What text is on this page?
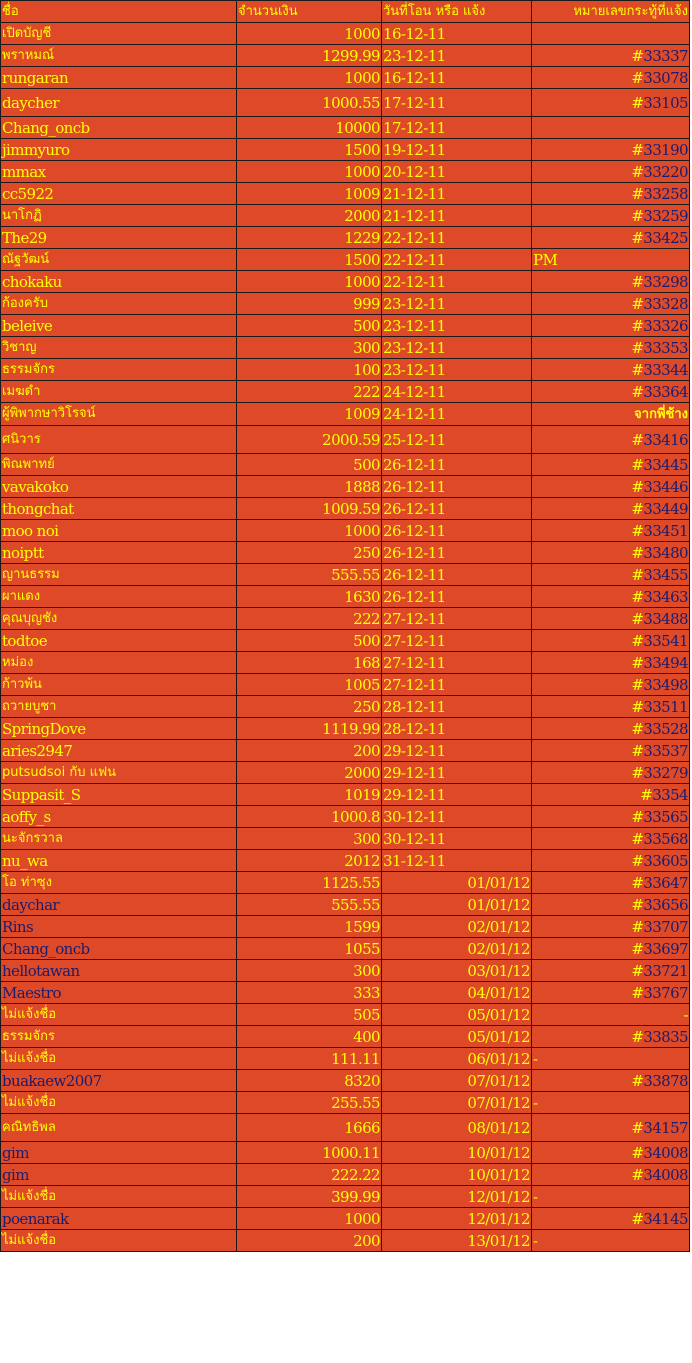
ชื่อ	จำนวนเงิน	วันที่โอน หรือ แจ้ง	หมายเลขกระทู้ที่แจ้ง
เปิดบัญชี	1000	16-12-11	
พราหมณ์	1299.99	23-12-11	#33337
rungaran	1000	16-12-11	#33078
daycher	1000.55	17-12-11	#33105
Chang_oncb	10000	17-12-11	
jimmyuro	1500	19-12-11	#33190
mmax	1000	20-12-11	#33220
cc5922	1009	21-12-11	#33258
นาโกฏิ	2000	21-12-11	#33259
The29	1229	22-12-11	#33425
ณัฐวัฒน์	1500	22-12-11	PM
chokaku	1000	22-12-11	#33298
ก้องครับ	999	23-12-11	#33328
beleive	500	23-12-11	#33326
วิชาญ	300	23-12-11	#33353
ธรรมจักร	100	23-12-11	#33344
เมฆดำ	222	24-12-11	#33364
ผู้พิพากษาวิโรจน์	1009	24-12-11	จากพี่ช้าง
ศนิวาร	2000.59	25-12-11	#33416
พิณพาทย์	500	26-12-11	#33445
vavakoko	1888	26-12-11	#33446
thongchat	1009.59	26-12-11	#33449
moo noi	1000	26-12-11	#33451
noiptt	250	26-12-11	#33480
ญานธรรม	555.55	26-12-11	#33455
ผาแดง	1630	26-12-11	#33463
คุณบุญชัง	222	27-12-11	#33488
todtoe	500	27-12-11	#33541
หม่อง	168	27-12-11	#33494
ก้าวพ้น	1005	27-12-11	#33498
ถวายบูชา	250	28-12-11	#33511
SpringDove	1119.99	28-12-11	#33528
aries2947	200	29-12-11	#33537
putsudsoi กับ แฟน	2000	29-12-11	#33279
Suppasit_S	1019	29-12-11	#3354
aoffy_s	1000.8	30-12-11	#33565
นะจักรวาล	300	30-12-11	#33568
nu_wa	2012	31-12-11	#33605
โอ ท่าซุง	1125.55	01/01/12	#33647
daychar	555.55	01/01/12	#33656
Rins	1599	02/01/12	#33707
Chang_oncb	1055	02/01/12	#33697
hellotawan	300	03/01/12	#33721
Maestro	333	04/01/12	#33767
ไม่แจ้งชื่อ	505	05/01/12	-
ธรรมจักร	400	05/01/12	#33835
ไม่แจ้งชื่อ	111.11	06/01/12	-
buakaew2007	8320	07/01/12	#33878
ไม่แจ้งชื่อ	255.55	07/01/12	-
คณิทธิพล	1666	08/01/12	#34157
gim	1000.11	10/01/12	#34008
gim	222.22	10/01/12	#34008
ไม่แจ้งชื่อ	399.99	12/01/12	-
poenarak	1000	12/01/12	#34145
ไม่แจ้งชื่อ	200	13/01/12	-
